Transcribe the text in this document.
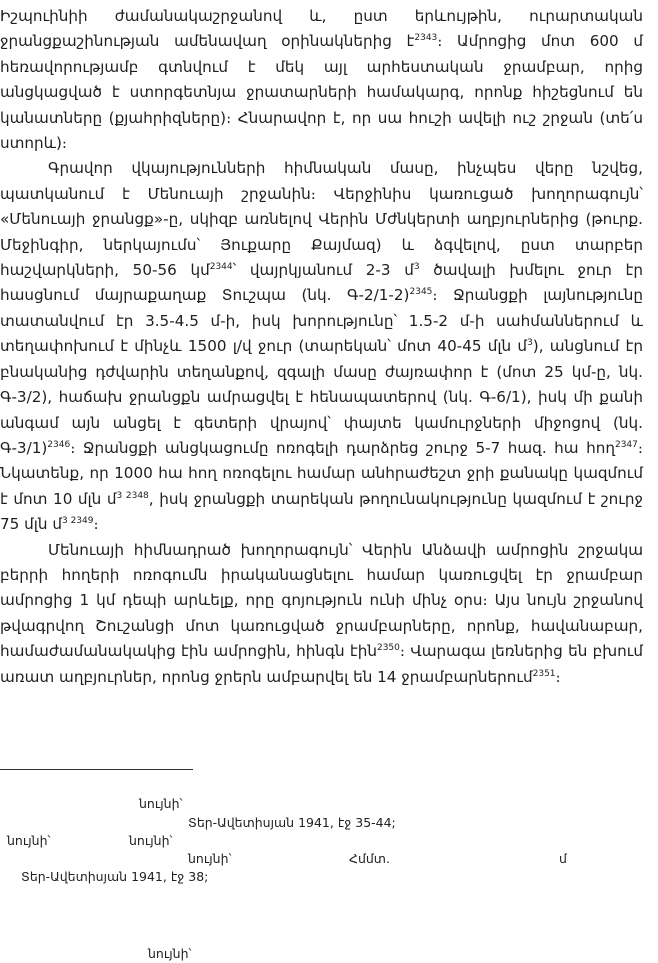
Իշպուինիի ժամանակաշրջանով և, ըստ երևույթին, ուրարտական ջրանցքաշինության ամենավաղ օրինակներից է$^{2343}$։ Ամրոցից մոտ 600 մ հեռավորությամբ գտնվում է մեկ այլ արհեստական ջրամբար, որից անցկացված է ստորգետնյա ջրատարների համակարգ, որոնք հիշեցնում են կանատները (քյահրիզները)։ Հնարավոր է, որ սա հուշի ավելի ուշ շրջան (տե՛ս ստորև)։

Գրավոր վկայությունների հիմնական մասը, ինչպես վերը նշվեց, պատկանում է Մենուայի շրջանին։ Վերջինիս կառուցած խողորագույն՝ «Մենուայի ջրանցք»-ը, սկիզբ առնելով Վերին Մժնկերտի աղբյուրներից (թուրք. Մեջինգիր, ներկայումս՝ Յուքարը Քայմազ) և ձգվելով, ըստ տարբեր հաշվարկների, 50-56 կմ$^{2344}$՝ վայրկյանում 2-3 մ$^3$ ծավալի խմելու ջուր էր հասցնում մայրաքաղաք Տուշպա (նկ. Գ-2/1-2)$^{2345}$։ Ջրանցքի լայնությունը տատանվում էր 3.5-4.5 մ-ի, իսկ խորությունը՝ 1.5-2 մ-ի սահմաններում և տեղափոխում է մինչև 1500 լ/վ ջուր (տարեկան՝ մոտ 40-45 մլն մ$^3$), անցնում էր բնականից դժվարին տեղանքով, զգալի մասը ժայռափոր է (մոտ 25 կմ-ը, նկ. Գ-3/2), հաճախ ջրանցքն ամրացվել է հենապատերով (նկ. Գ-6/1), իսկ մի քանի անգամ այն անցել է գետերի վրայով՝ փայտե կամուրջների միջոցով (նկ. Գ-3/1)$^{2346}$։ Ջրանցքի անցկացումը ոռոգելի դարձրեց շուրջ 5-7 հազ. հա հող$^{2347}$։ Նկատենք, որ 1000 հա հող ոռոգելու համար անհրաժեշտ ջրի քանակը կազմում է մոտ 10 մլն մ$^{3 2348}$, իսկ ջրանցքի տարեկան թողունակությունը կազմում է շուրջ 75 մլն մ$^{3 2349}$։

Մենուայի հիմնադրած խողորագույն՝ Վերին Անձավի ամրոցին շրջակա բերրի հողերի ոռոգումն իրականացնելու համար կառուցվել էր ջրամբար ամրոցից 1 կմ դեպի արևելք, որը գոյություն ունի մինչ օրս։ Այս նույն շրջանով թվագրվող Շուշանցի մոտ կառուցված ջրամբարները, որոնք, հավանաբար, համաժամանակակից էին ամրոցին, հինգն էին$^{2350}$։ Վարագա լեռներից են բխում առատ աղբյուրներ, որոնց ջրերն ամբարվել են 14 ջրամբարներում$^{2351}$։

նույնի՝
Տեր-Ավետիսյան 1941, էջ 35-44;
նույնի՝	նույնի՝
նույնի՝	Հմմտ.	մ
Տեր-Ավետիսյան 1941, էջ 38;
նույնի՝
